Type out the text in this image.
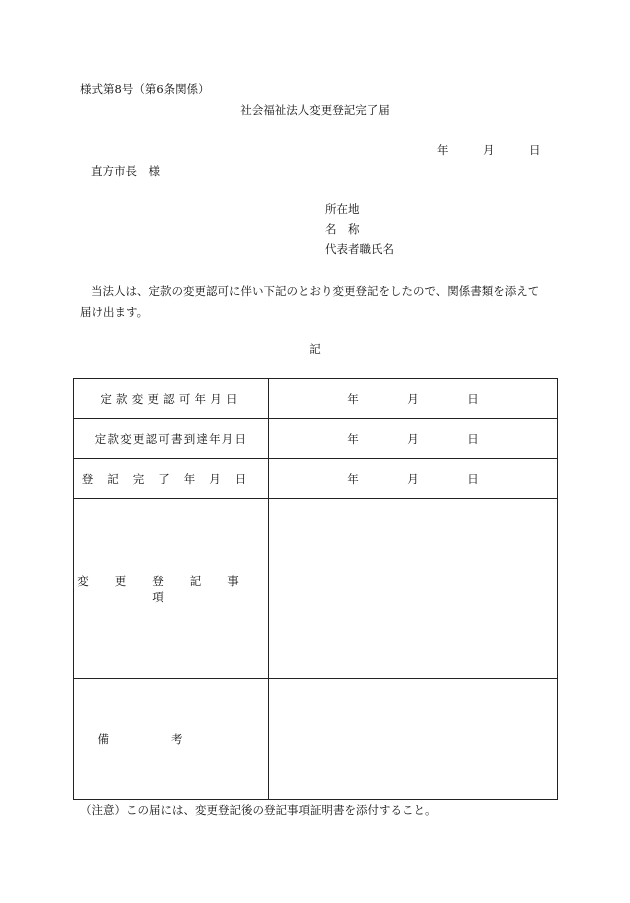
様式第8号（第6条関係）
社会福祉法人変更登記完了届
年	月	日
直方市長　様
所在地
名　称
代表者職氏名
当法人は、定款の変更認可に伴い下記のとおり変更登記をしたので、関係書類を添えて届け出ます。
記
定款変更認可年月日	年 月 日
定款変更認可書到達年月日	年 月 日
登記完了年月日	年 月 日
変更登記事項	
備考	
（注意）この届には、変更登記後の登記事項証明書を添付すること。
